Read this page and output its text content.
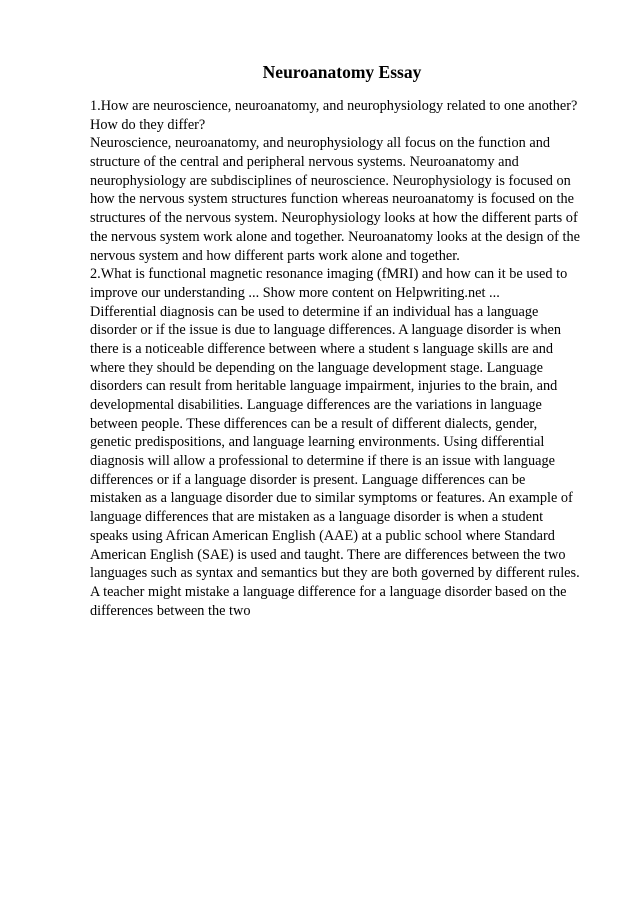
Neuroanatomy Essay
1.How are neuroscience, neuroanatomy, and neurophysiology related to one another?
How do they differ?
Neuroscience, neuroanatomy, and neurophysiology all focus on the function and
structure of the central and peripheral nervous systems. Neuroanatomy and
neurophysiology are subdisciplines of neuroscience. Neurophysiology is focused on
how the nervous system structures function whereas neuroanatomy is focused on the
structures of the nervous system. Neurophysiology looks at how the different parts of
the nervous system work alone and together. Neuroanatomy looks at the design of the
nervous system and how different parts work alone and together.
2.What is functional magnetic resonance imaging (fMRI) and how can it be used to
improve our understanding ... Show more content on Helpwriting.net ...
Differential diagnosis can be used to determine if an individual has a language
disorder or if the issue is due to language differences. A language disorder is when
there is a noticeable difference between where a student s language skills are and
where they should be depending on the language development stage. Language
disorders can result from heritable language impairment, injuries to the brain, and
developmental disabilities. Language differences are the variations in language
between people. These differences can be a result of different dialects, gender,
genetic predispositions, and language learning environments. Using differential
diagnosis will allow a professional to determine if there is an issue with language
differences or if a language disorder is present. Language differences can be
mistaken as a language disorder due to similar symptoms or features. An example of
language differences that are mistaken as a language disorder is when a student
speaks using African American English (AAE) at a public school where Standard
American English (SAE) is used and taught. There are differences between the two
languages such as syntax and semantics but they are both governed by different rules.
A teacher might mistake a language difference for a language disorder based on the
differences between the two
